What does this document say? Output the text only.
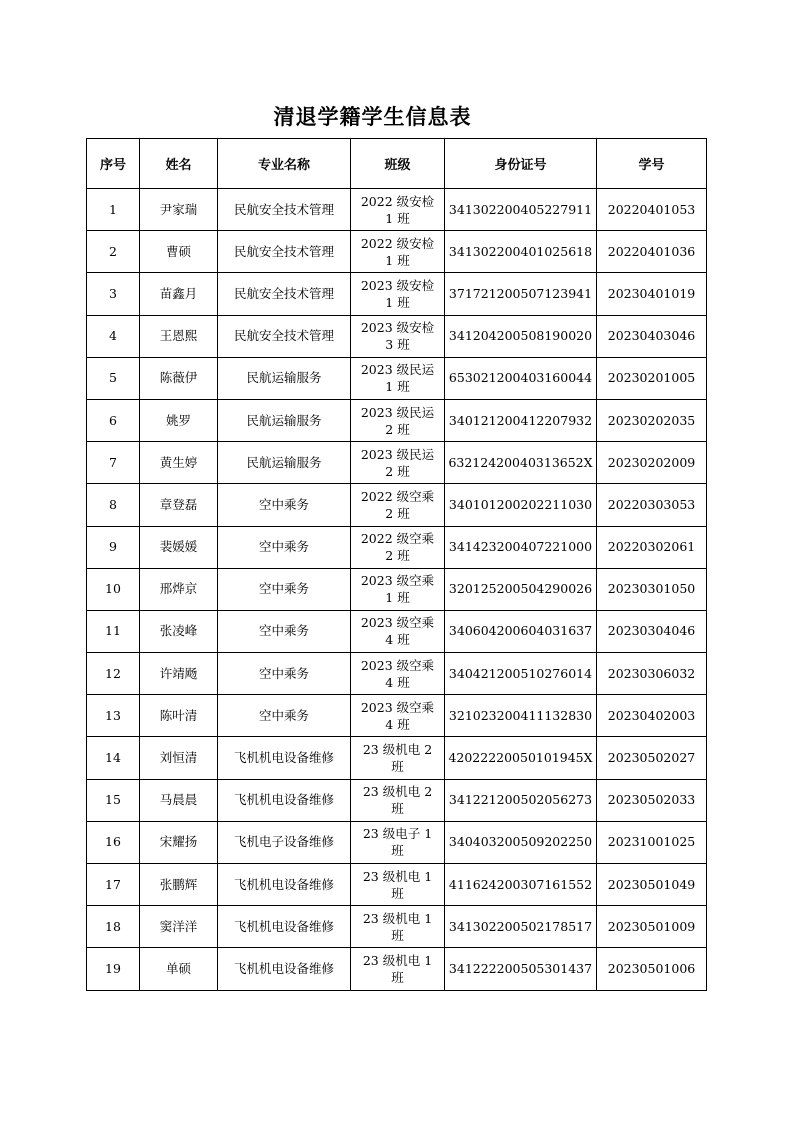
清退学籍学生信息表
序号	姓名	专业名称	班级	身份证号	学号
1	尹家瑞	民航安全技术管理	2022 级安检 1 班	341302200405227911	20220401053
2	曹硕	民航安全技术管理	2022 级安检 1 班	341302200401025618	20220401036
3	苗鑫月	民航安全技术管理	2023 级安检 1 班	371721200507123941	20230401019
4	王恩熙	民航安全技术管理	2023 级安检 3 班	341204200508190020	20230403046
5	陈薇伊	民航运输服务	2023 级民运 1 班	653021200403160044	20230201005
6	姚罗	民航运输服务	2023 级民运 2 班	340121200412207932	20230202035
7	黄生婷	民航运输服务	2023 级民运 2 班	63212420040313652X	20230202009
8	章登磊	空中乘务	2022 级空乘 2 班	340101200202211030	20220303053
9	裴媛媛	空中乘务	2022 级空乘 2 班	341423200407221000	20220302061
10	邢烨京	空中乘务	2023 级空乘 1 班	320125200504290026	20230301050
11	张凌峰	空中乘务	2023 级空乘 4 班	340604200604031637	20230304046
12	许靖飏	空中乘务	2023 级空乘 4 班	340421200510276014	20230306032
13	陈叶清	空中乘务	2023 级空乘 4 班	321023200411132830	20230402003
14	刘恒清	飞机机电设备维修	23 级机电 2 班	42022220050101945X	20230502027
15	马晨晨	飞机机电设备维修	23 级机电 2 班	341221200502056273	20230502033
16	宋耀扬	飞机电子设备维修	23 级电子 1 班	340403200509202250	20231001025
17	张鹏辉	飞机机电设备维修	23 级机电 1 班	411624200307161552	20230501049
18	窦洋洋	飞机机电设备维修	23 级机电 1 班	341302200502178517	20230501009
19	单硕	飞机机电设备维修	23 级机电 1 班	341222200505301437	20230501006
